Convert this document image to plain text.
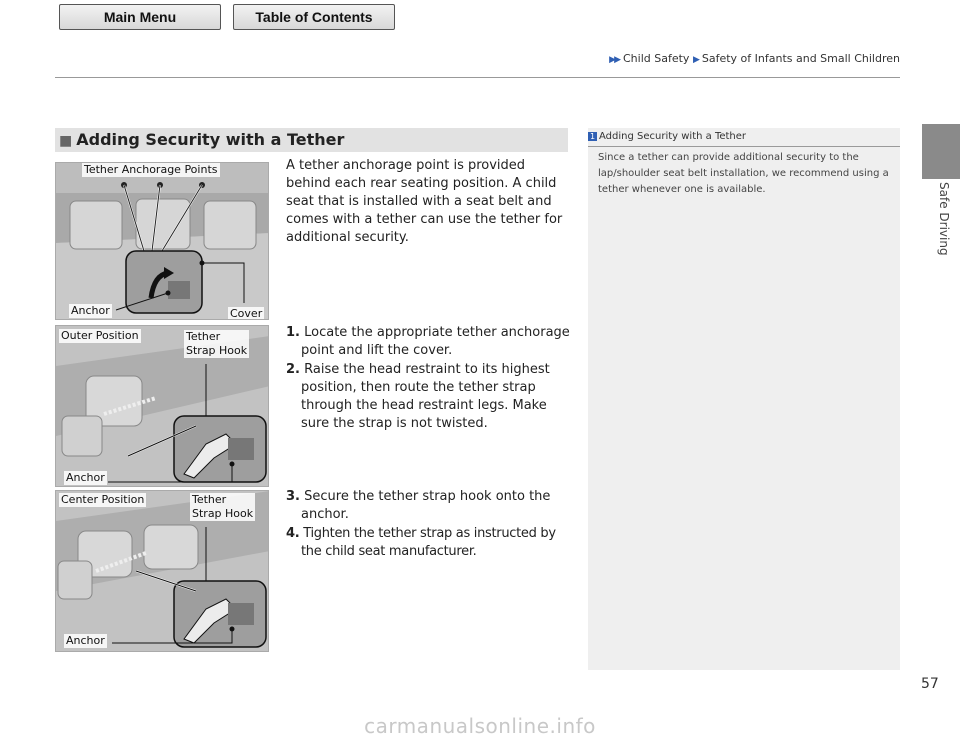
Main Menu	Table of Contents
▶▶ Child Safety ▶ Safety of Infants and Small Children
Safe Driving
■ Adding Security with a Tether
Tether Anchorage Points
Anchor	Cover
Outer Position	Tether
Strap Hook
Anchor
Center Position	Tether
Strap Hook
Anchor

A tether anchorage point is provided behind each rear seating position. A child seat that is installed with a seat belt and comes with a tether can use the tether for additional security.

1. Locate the appropriate tether anchorage point and lift the cover.

2. Raise the head restraint to its highest position, then route the tether strap through the head restraint legs. Make sure the strap is not twisted.

3. Secure the tether strap hook onto the anchor.

4. Tighten the tether strap as instructed by the child seat manufacturer.

1 Adding Security with a Tether

Since a tether can provide additional security to the lap/shoulder seat belt installation, we recommend using a tether whenever one is available.

57
carmanualsonline.info
